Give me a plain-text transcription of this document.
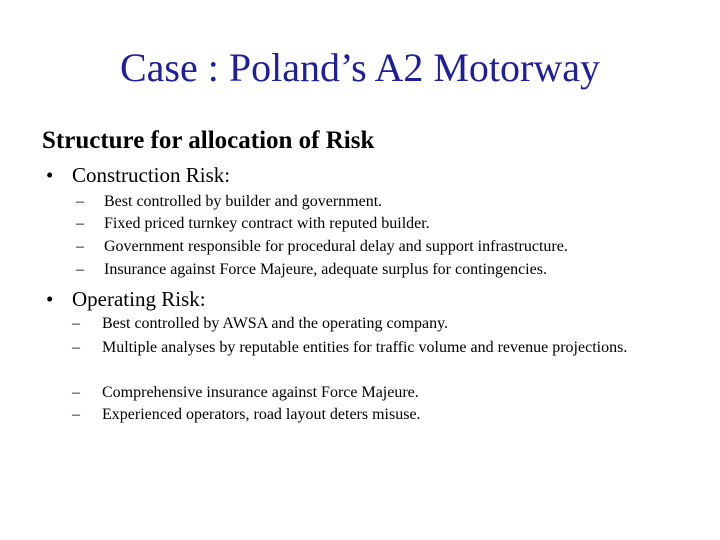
Case : Poland’s A2 Motorway
Structure for allocation of Risk
• Construction Risk:
– Best controlled by builder and government.
– Fixed priced turnkey contract with reputed builder.
– Government responsible for procedural delay and support infrastructure.
– Insurance against Force Majeure, adequate surplus for contingencies.
• Operating Risk:
– Best controlled by AWSA and the operating company.
– Multiple analyses by reputable entities for traffic volume and revenue projections.
– Comprehensive insurance against Force Majeure.
– Experienced operators, road layout deters misuse.
